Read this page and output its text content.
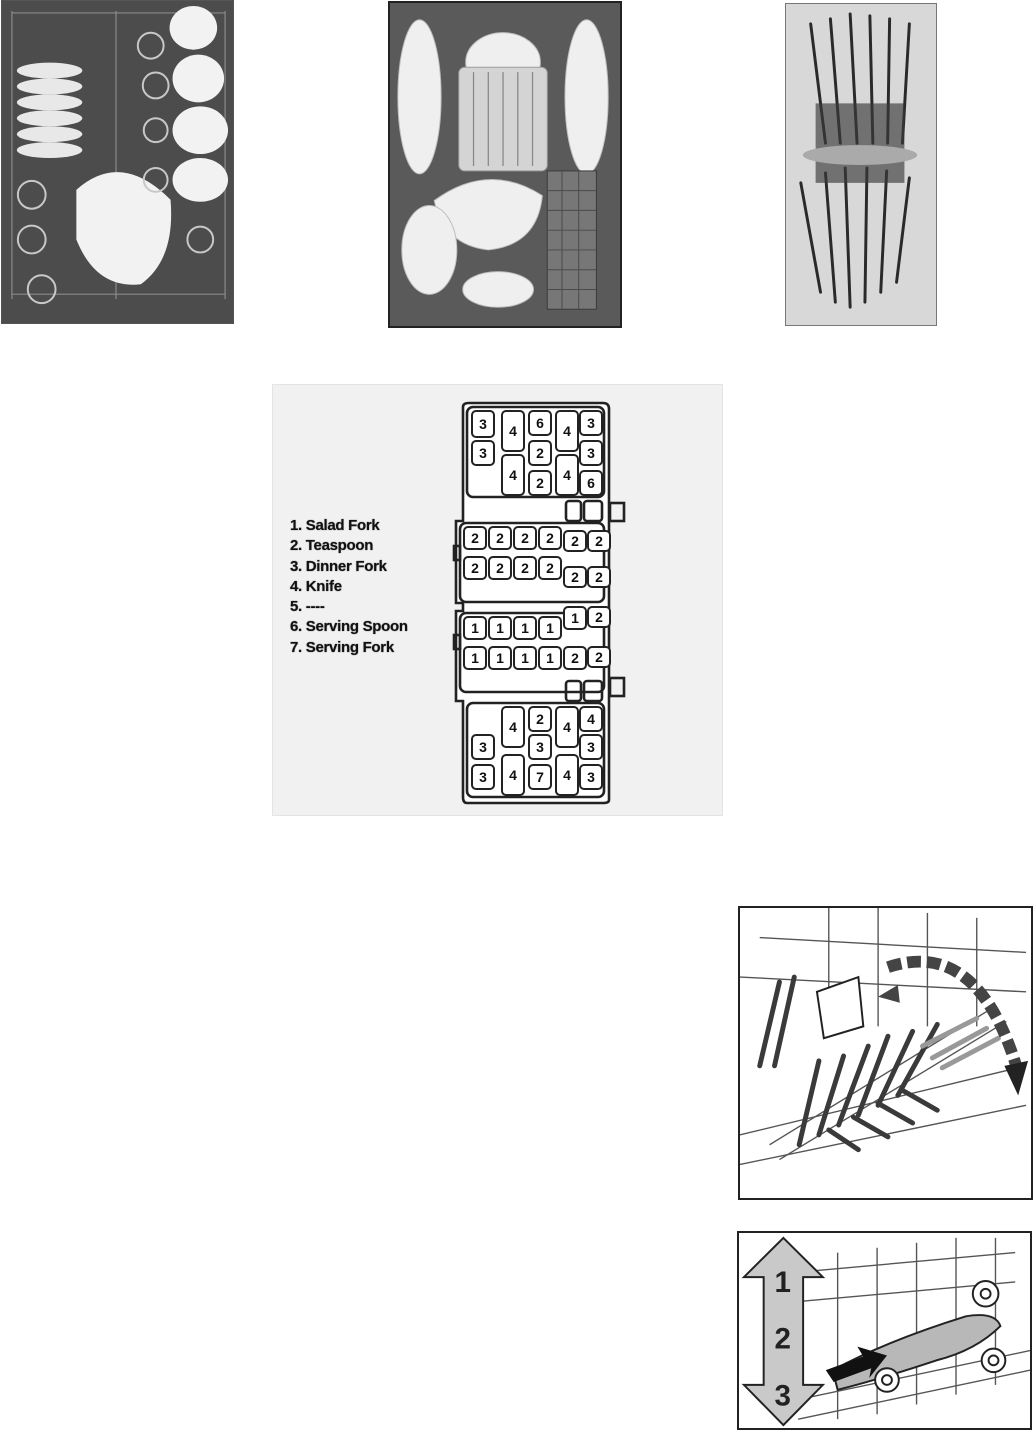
1. Salad Fork
2. Teaspoon
3. Dinner Fork
4. Knife
5. ----
6. Serving Spoon
7. Serving Fork
3 4 6 4 3
3	2	3
4 2 4 6
2 2 2 2 2 2
2 2 2 2
2 2
1 1 1 1
1 2
1 1 1 1 2 2
4 2 4 4
3	3	3
3 4 7 4 3
1
2
3
